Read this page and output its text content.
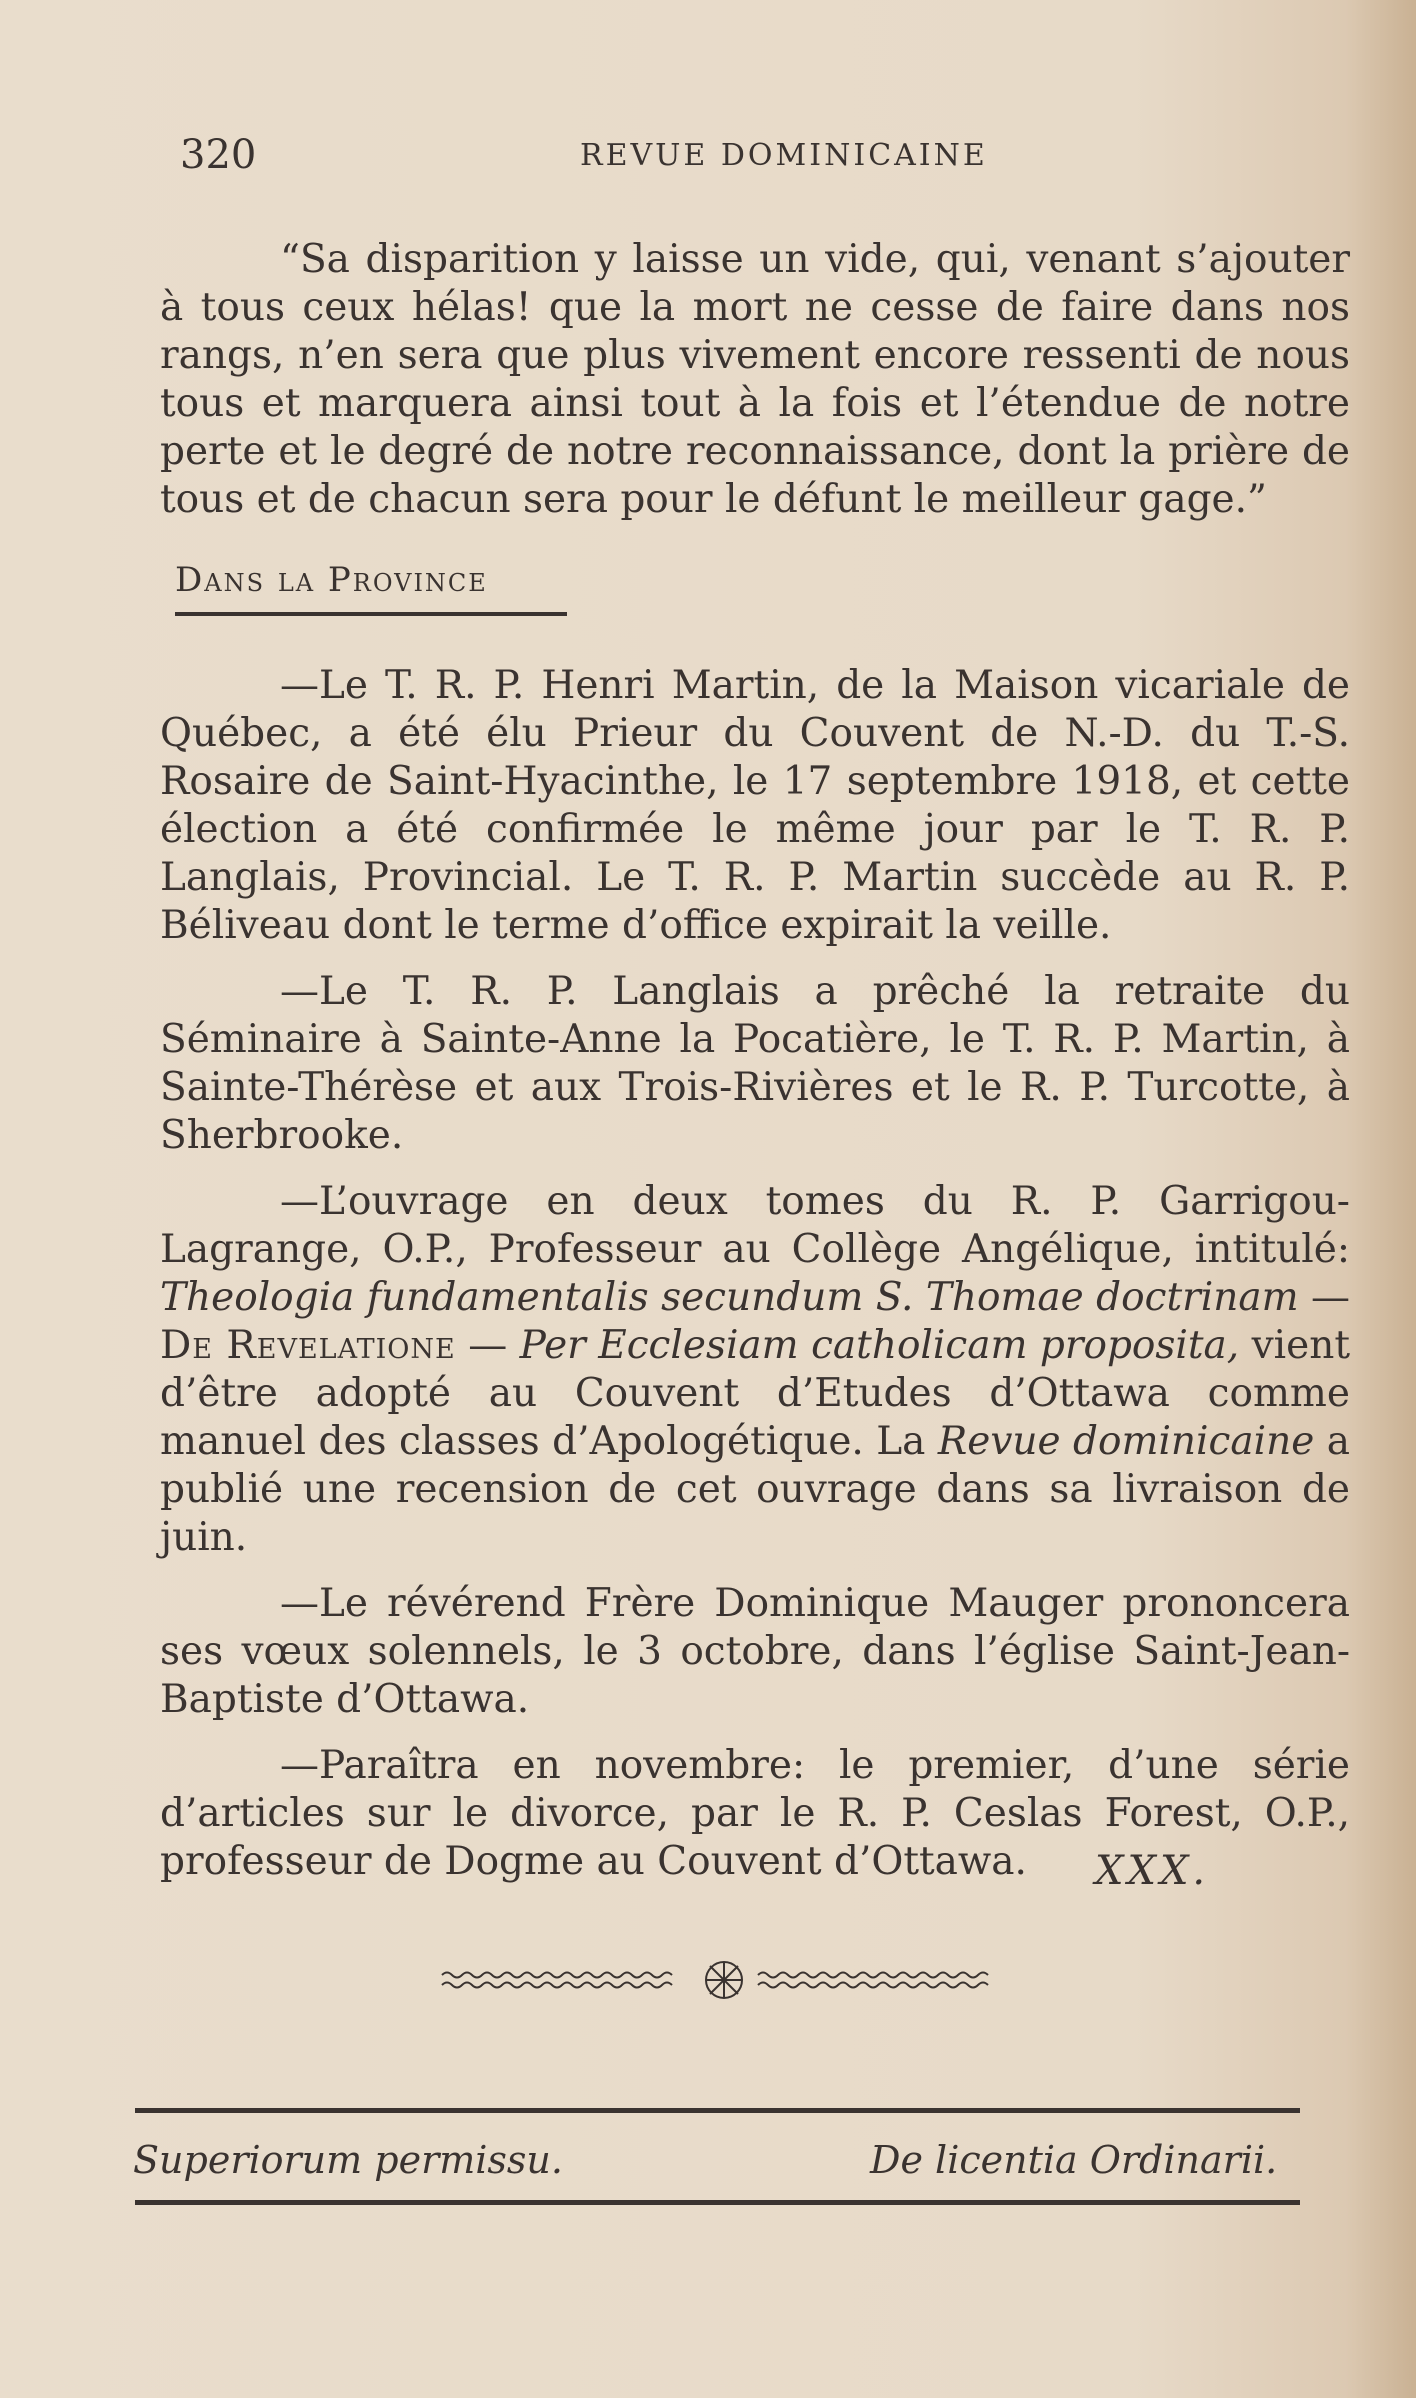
320	REVUE DOMINICAINE

“Sa disparition y laisse un vide, qui, venant s’ajouter à tous ceux hélas! que la mort ne cesse de faire dans nos rangs, n’en sera que plus vivement encore ressenti de nous tous et marquera ainsi tout à la fois et l’étendue de notre perte et le degré de notre reconnaissance, dont la prière de tous et de chacun sera pour le défunt le meilleur gage.”

Dans la Province

—Le T. R. P. Henri Martin, de la Maison vicariale de Québec, a été élu Prieur du Couvent de N.-D. du T.-S. Rosaire de Saint-Hyacinthe, le 17 septembre 1918, et cette élection a été confirmée le même jour par le T. R. P. Langlais, Provincial. Le T. R. P. Martin succède au R. P. Béliveau dont le terme d’office expirait la veille.

—Le T. R. P. Langlais a prêché la retraite du Séminaire à Sainte-Anne la Pocatière, le T. R. P. Martin, à Sainte-Thérèse et aux Trois-Rivières et le R. P. Turcotte, à Sherbrooke.

—L’ouvrage en deux tomes du R. P. Garrigou-Lagrange, O.P., Professeur au Collège Angélique, intitulé: Theologia fundamentalis secundum S. Thomae doctrinam — De Revelatione — Per Ecclesiam catholicam proposita, vient d’être adopté au Couvent d’Etudes d’Ottawa comme manuel des classes d’Apologétique. La Revue dominicaine a publié une recension de cet ouvrage dans sa livraison de juin.

—Le révérend Frère Dominique Mauger prononcera ses vœux solennels, le 3 octobre, dans l’église Saint-Jean-Baptiste d’Ottawa.

—Paraîtra en novembre: le premier, d’une série d’articles sur le divorce, par le R. P. Ceslas Forest, O.P., professeur de Dogme au Couvent d’Ottawa.	XXX.
Superiorum permissu.	De licentia Ordinarii.
